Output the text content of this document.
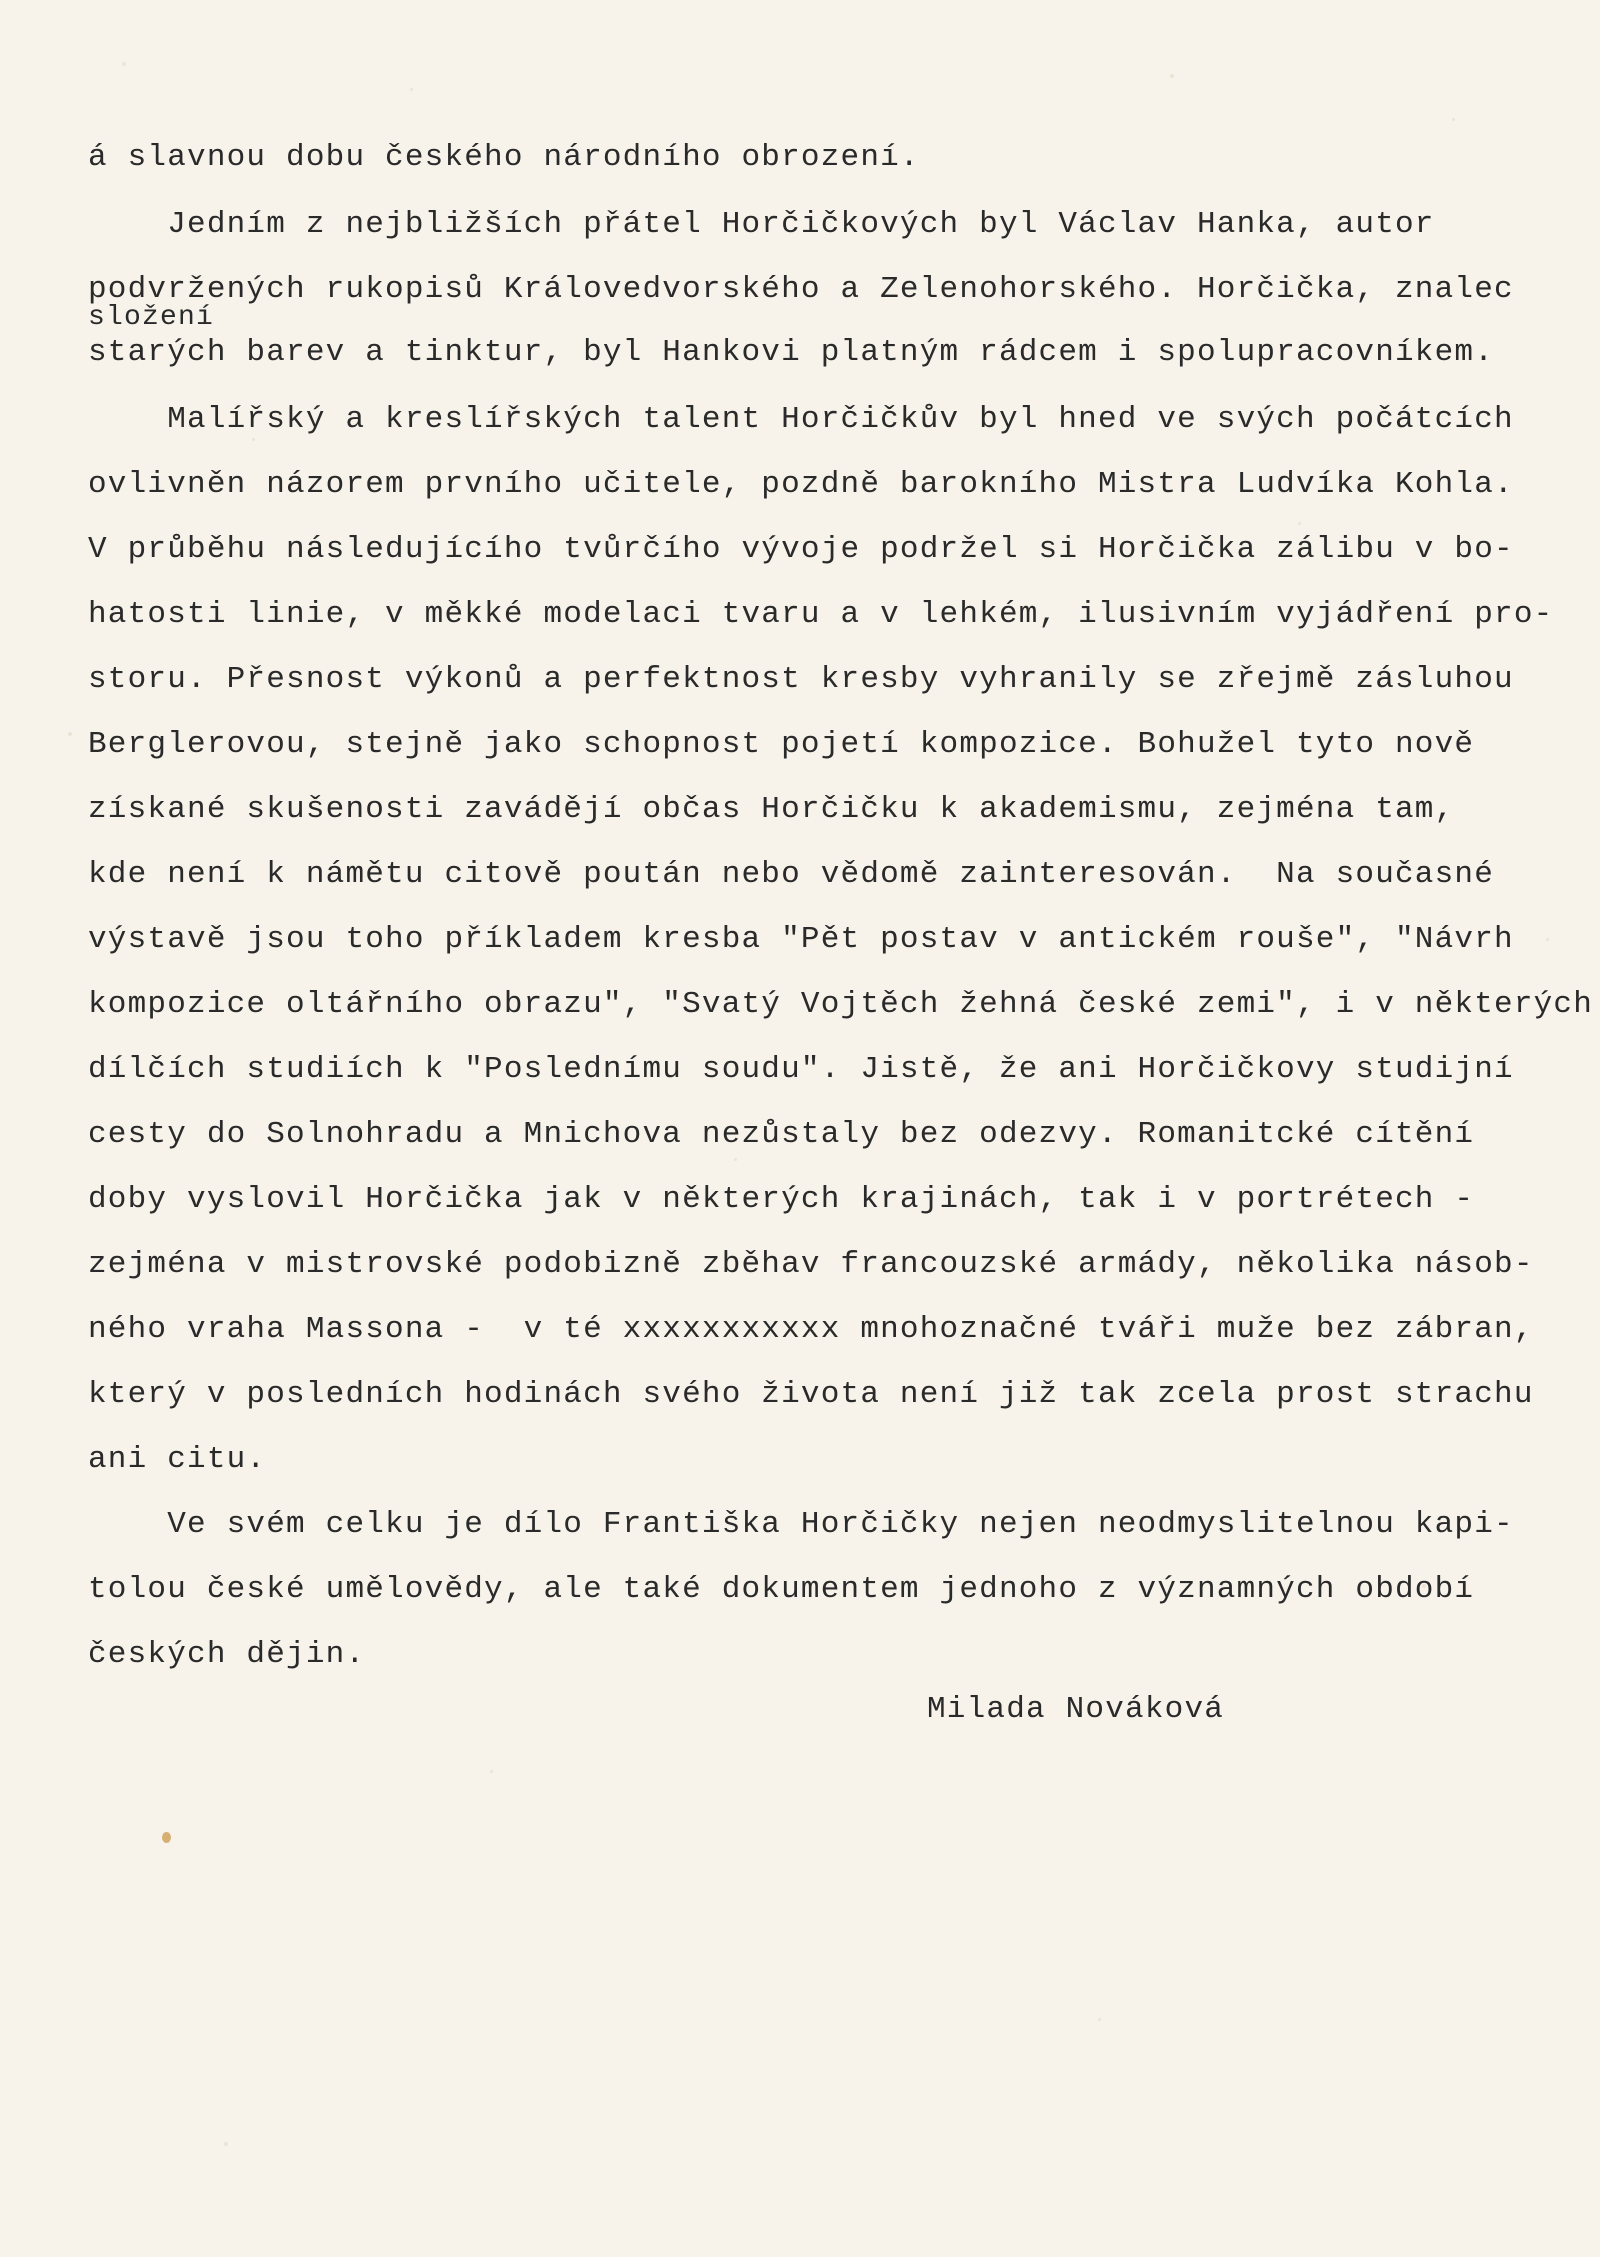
á slavnou dobu českého národního obrození.

Jedním z nejbližších přátel Horčičkových byl Václav Hanka, autor

podvržených rukopisů Královedvorského a Zelenohorského. Horčička, znalec

složení

starých barev a tinktur, byl Hankovi platným rádcem i spolupracovníkem.

Malířský a kreslířských talent Horčičkův byl hned ve svých počátcích

ovlivněn názorem prvního učitele, pozdně barokního Mistra Ludvíka Kohla.

V průběhu následujícího tvůrčího vývoje podržel si Horčička zálibu v bo-

hatosti linie, v měkké modelaci tvaru a v lehkém, ilusivním vyjádření pro-

storu. Přesnost výkonů a perfektnost kresby vyhranily se zřejmě zásluhou

Berglerovou, stejně jako schopnost pojetí kompozice. Bohužel tyto nově

získané skušenosti zavádějí občas Horčičku k akademismu, zejména tam,

kde není k námětu citově poután nebo vědomě zainteresován.  Na současné

výstavě jsou toho příkladem kresba "Pět postav v antickém rouše", "Návrh

kompozice oltářního obrazu", "Svatý Vojtěch žehná české zemi", i v některých

dílčích studiích k "Poslednímu soudu". Jistě, že ani Horčičkovy studijní

cesty do Solnohradu a Mnichova nezůstaly bez odezvy. Romanitcké cítění

doby vyslovil Horčička jak v některých krajinách, tak i v portrétech -

zejména v mistrovské podobizně zběhav francouzské armády, několika násob-

ného vraha Massona -  v té xxxxxxxxxxx mnohoznačné tváři muže bez zábran,

který v posledních hodinách svého života není již tak zcela prost strachu

ani citu.

Ve svém celku je dílo Františka Horčičky nejen neodmyslitelnou kapi-

tolou české umělovědy, ale také dokumentem jednoho z významných období

českých dějin.

Milada Nováková
